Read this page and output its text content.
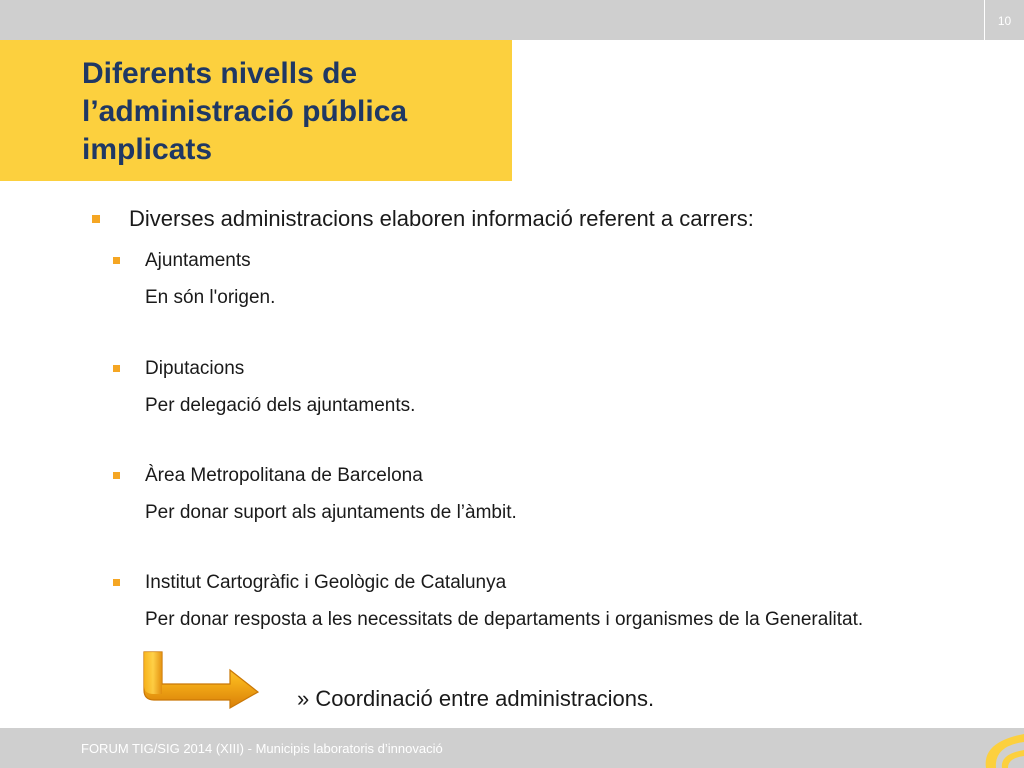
10
Diferents nivells de
l’administració pública
implicats
Diverses administracions elaboren informació referent a carrers:
Ajuntaments
En són l'origen.
Diputacions
Per delegació dels ajuntaments.
Àrea Metropolitana de Barcelona
Per donar suport als ajuntaments de l’àmbit.
Institut Cartogràfic i Geològic de Catalunya
Per donar resposta a les necessitats de departaments i organismes de la Generalitat.
» Coordinació entre administracions.
FORUM TIG/SIG 2014 (XIII) - Municipis laboratoris d’innovació
